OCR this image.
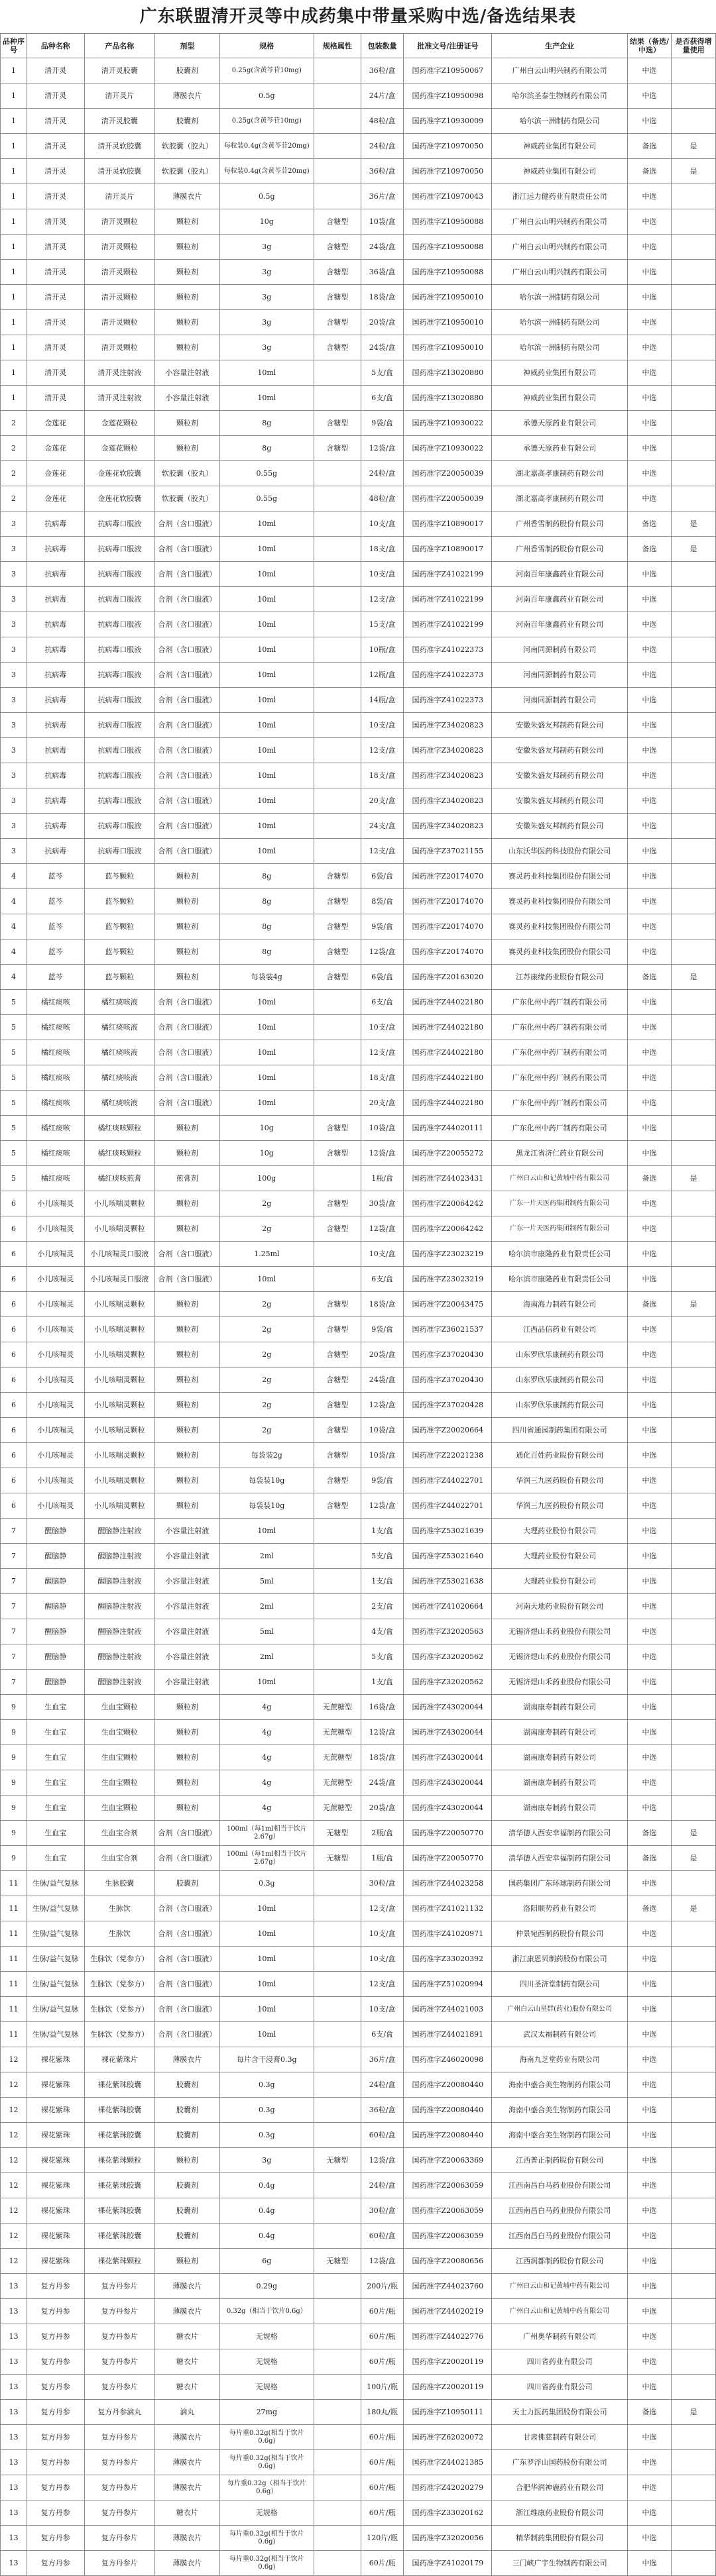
广东联盟清开灵等中成药集中带量采购中选/备选结果表
品种序号	品种名称	产品名称	剂型	规格	规格属性	包装数量	批准文号/注册证号	生产企业	结果（备选/中选）	是否获得增量使用
1	清开灵	清开灵胶囊	胶囊剂	0.25g(含黄芩苷10mg)		36粒/盒	国药准字Z10950067	广州白云山明兴制药有限公司	中选	
1	清开灵	清开灵片	薄膜衣片	0.5g		24片/盒	国药准字Z10950098	哈尔滨圣泰生物制药有限公司	中选	
1	清开灵	清开灵胶囊	胶囊剂	0.25g(含黄芩苷10mg)		48粒/盒	国药准字Z10930009	哈尔滨一洲制药有限公司	中选	
1	清开灵	清开灵软胶囊	软胶囊（胶丸）	每粒装0.4g(含黄芩苷20mg)		24粒/盒	国药准字Z10970050	神威药业集团有限公司	备选	是
1	清开灵	清开灵软胶囊	软胶囊（胶丸）	每粒装0.4g(含黄芩苷20mg)		36粒/盒	国药准字Z10970050	神威药业集团有限公司	备选	是
1	清开灵	清开灵片	薄膜衣片	0.5g		36片/盒	国药准字Z10970043	浙江远力健药业有限责任公司	中选	
1	清开灵	清开灵颗粒	颗粒剂	10g	含糖型	10袋/盒	国药准字Z10950088	广州白云山明兴制药有限公司	中选	
1	清开灵	清开灵颗粒	颗粒剂	3g	含糖型	24袋/盒	国药准字Z10950088	广州白云山明兴制药有限公司	中选	
1	清开灵	清开灵颗粒	颗粒剂	3g	含糖型	36袋/盒	国药准字Z10950088	广州白云山明兴制药有限公司	中选	
1	清开灵	清开灵颗粒	颗粒剂	3g	含糖型	18袋/盒	国药准字Z10950010	哈尔滨一洲制药有限公司	中选	
1	清开灵	清开灵颗粒	颗粒剂	3g	含糖型	20袋/盒	国药准字Z10950010	哈尔滨一洲制药有限公司	中选	
1	清开灵	清开灵颗粒	颗粒剂	3g	含糖型	24袋/盒	国药准字Z10950010	哈尔滨一洲制药有限公司	中选	
1	清开灵	清开灵注射液	小容量注射液	10ml		5支/盒	国药准字Z13020880	神威药业集团有限公司	中选	
1	清开灵	清开灵注射液	小容量注射液	10ml		6支/盒	国药准字Z13020880	神威药业集团有限公司	中选	
2	金莲花	金莲花颗粒	颗粒剂	8g	含糖型	9袋/盒	国药准字Z10930022	承德天原药业有限公司	中选	
2	金莲花	金莲花颗粒	颗粒剂	8g	含糖型	12袋/盒	国药准字Z10930022	承德天原药业有限公司	中选	
2	金莲花	金莲花软胶囊	软胶囊（胶丸）	0.55g		24粒/盒	国药准字Z20050039	湖北嘉高孝康制药有限公司	中选	
2	金莲花	金莲花软胶囊	软胶囊（胶丸）	0.55g		48粒/盒	国药准字Z20050039	湖北嘉高孝康制药有限公司	中选	
3	抗病毒	抗病毒口服液	合剂（含口服液）	10ml		10支/盒	国药准字Z10890017	广州香雪制药股份有限公司	备选	是
3	抗病毒	抗病毒口服液	合剂（含口服液）	10ml		18支/盒	国药准字Z10890017	广州香雪制药股份有限公司	备选	是
3	抗病毒	抗病毒口服液	合剂（含口服液）	10ml		10支/盒	国药准字Z41022199	河南百年康鑫药业有限公司	中选	
3	抗病毒	抗病毒口服液	合剂（含口服液）	10ml		12支/盒	国药准字Z41022199	河南百年康鑫药业有限公司	中选	
3	抗病毒	抗病毒口服液	合剂（含口服液）	10ml		15支/盒	国药准字Z41022199	河南百年康鑫药业有限公司	中选	
3	抗病毒	抗病毒口服液	合剂（含口服液）	10ml		10瓶/盒	国药准字Z41022373	河南同源制药有限公司	中选	
3	抗病毒	抗病毒口服液	合剂（含口服液）	10ml		12瓶/盒	国药准字Z41022373	河南同源制药有限公司	中选	
3	抗病毒	抗病毒口服液	合剂（含口服液）	10ml		14瓶/盒	国药准字Z41022373	河南同源制药有限公司	中选	
3	抗病毒	抗病毒口服液	合剂（含口服液）	10ml		10支/盒	国药准字Z34020823	安徽朱盛友邦制药有限公司	中选	
3	抗病毒	抗病毒口服液	合剂（含口服液）	10ml		12支/盒	国药准字Z34020823	安徽朱盛友邦制药有限公司	中选	
3	抗病毒	抗病毒口服液	合剂（含口服液）	10ml		18支/盒	国药准字Z34020823	安徽朱盛友邦制药有限公司	中选	
3	抗病毒	抗病毒口服液	合剂（含口服液）	10ml		20支/盒	国药准字Z34020823	安徽朱盛友邦制药有限公司	中选	
3	抗病毒	抗病毒口服液	合剂（含口服液）	10ml		24支/盒	国药准字Z34020823	安徽朱盛友邦制药有限公司	中选	
3	抗病毒	抗病毒口服液	合剂（含口服液）	10ml		12支/盒	国药准字Z37021155	山东沃华医药科技股份有限公司	中选	
4	蓝芩	蓝芩颗粒	颗粒剂	8g	含糖型	6袋/盒	国药准字Z20174070	赛灵药业科技集团股份有限公司	中选	
4	蓝芩	蓝芩颗粒	颗粒剂	8g	含糖型	8袋/盒	国药准字Z20174070	赛灵药业科技集团股份有限公司	中选	
4	蓝芩	蓝芩颗粒	颗粒剂	8g	含糖型	9袋/盒	国药准字Z20174070	赛灵药业科技集团股份有限公司	中选	
4	蓝芩	蓝芩颗粒	颗粒剂	8g	含糖型	12袋/盒	国药准字Z20174070	赛灵药业科技集团股份有限公司	中选	
4	蓝芩	蓝芩颗粒	颗粒剂	每袋装4g	含糖型	6袋/盒	国药准字Z20163020	江苏康缘药业股份有限公司	备选	是
5	橘红痰咳	橘红痰咳液	合剂（含口服液）	10ml		6支/盒	国药准字Z44022180	广东化州中药厂制药有限公司	中选	
5	橘红痰咳	橘红痰咳液	合剂（含口服液）	10ml		10支/盒	国药准字Z44022180	广东化州中药厂制药有限公司	中选	
5	橘红痰咳	橘红痰咳液	合剂（含口服液）	10ml		12支/盒	国药准字Z44022180	广东化州中药厂制药有限公司	中选	
5	橘红痰咳	橘红痰咳液	合剂（含口服液）	10ml		18支/盒	国药准字Z44022180	广东化州中药厂制药有限公司	中选	
5	橘红痰咳	橘红痰咳液	合剂（含口服液）	10ml		20支/盒	国药准字Z44022180	广东化州中药厂制药有限公司	中选	
5	橘红痰咳	橘红痰咳颗粒	颗粒剂	10g	含糖型	10袋/盒	国药准字Z44020111	广东化州中药厂制药有限公司	中选	
5	橘红痰咳	橘红痰咳颗粒	颗粒剂	10g	含糖型	12袋/盒	国药准字Z20055272	黑龙江省济仁药业有限公司	中选	
5	橘红痰咳	橘红痰咳煎膏	煎膏剂	100g		1瓶/盒	国药准字Z44023431	广州白云山和记黄埔中药有限公司	备选	是
6	小儿咳喘灵	小儿咳喘灵颗粒	颗粒剂	2g	含糖型	30袋/盒	国药准字Z20064242	广东一片天医药集团制药有限公司	中选	
6	小儿咳喘灵	小儿咳喘灵颗粒	颗粒剂	2g	含糖型	12袋/盒	国药准字Z20064242	广东一片天医药集团制药有限公司	中选	
6	小儿咳喘灵	小儿咳喘灵口服液	合剂（含口服液）	1.25ml		10支/盒	国药准字Z23023219	哈尔滨市康隆药业有限责任公司	中选	
6	小儿咳喘灵	小儿咳喘灵口服液	合剂（含口服液）	10ml		6支/盒	国药准字Z23023219	哈尔滨市康隆药业有限责任公司	中选	
6	小儿咳喘灵	小儿咳喘灵颗粒	颗粒剂	2g	含糖型	18袋/盒	国药准字Z20043475	海南海力制药有限公司	备选	是
6	小儿咳喘灵	小儿咳喘灵颗粒	颗粒剂	2g	含糖型	9袋/盒	国药准字Z36021537	江西品信药业有限公司	中选	
6	小儿咳喘灵	小儿咳喘灵颗粒	颗粒剂	2g	含糖型	20袋/盒	国药准字Z37020430	山东罗欣乐康制药有限公司	中选	
6	小儿咳喘灵	小儿咳喘灵颗粒	颗粒剂	2g	含糖型	24袋/盒	国药准字Z37020430	山东罗欣乐康制药有限公司	中选	
6	小儿咳喘灵	小儿咳喘灵颗粒	颗粒剂	2g	含糖型	12袋/盒	国药准字Z37020428	山东罗欣乐康制药有限公司	中选	
6	小儿咳喘灵	小儿咳喘灵颗粒	颗粒剂	2g	含糖型	10袋/盒	国药准字Z20020664	四川省通园制药集团有限公司	中选	
6	小儿咳喘灵	小儿咳喘灵颗粒	颗粒剂	每袋装2g	含糖型	10袋/盒	国药准字Z22021238	通化百姓药业股份有限公司	中选	
6	小儿咳喘灵	小儿咳喘灵颗粒	颗粒剂	每袋装10g	含糖型	9袋/盒	国药准字Z44022701	华润三九医药股份有限公司	中选	
6	小儿咳喘灵	小儿咳喘灵颗粒	颗粒剂	每袋装10g	含糖型	12袋/盒	国药准字Z44022701	华润三九医药股份有限公司	中选	
7	醒脑静	醒脑静注射液	小容量注射液	10ml		1支/盒	国药准字Z53021639	大理药业股份有限公司	中选	
7	醒脑静	醒脑静注射液	小容量注射液	2ml		5支/盒	国药准字Z53021640	大理药业股份有限公司	中选	
7	醒脑静	醒脑静注射液	小容量注射液	5ml		1支/盒	国药准字Z53021638	大理药业股份有限公司	中选	
7	醒脑静	醒脑静注射液	小容量注射液	2ml		2支/盒	国药准字Z41020664	河南天地药业股份有限公司	中选	
7	醒脑静	醒脑静注射液	小容量注射液	5ml		4支/盒	国药准字Z32020563	无锡济煜山禾药业股份有限公司	中选	
7	醒脑静	醒脑静注射液	小容量注射液	2ml		5支/盒	国药准字Z32020562	无锡济煜山禾药业股份有限公司	中选	
7	醒脑静	醒脑静注射液	小容量注射液	10ml		1支/盒	国药准字Z32020562	无锡济煜山禾药业股份有限公司	中选	
9	生血宝	生血宝颗粒	颗粒剂	4g	无蔗糖型	16袋/盒	国药准字Z43020044	湖南康寿制药有限公司	中选	
9	生血宝	生血宝颗粒	颗粒剂	4g	无蔗糖型	12袋/盒	国药准字Z43020044	湖南康寿制药有限公司	中选	
9	生血宝	生血宝颗粒	颗粒剂	4g	无蔗糖型	18袋/盒	国药准字Z43020044	湖南康寿制药有限公司	中选	
9	生血宝	生血宝颗粒	颗粒剂	4g	无蔗糖型	24袋/盒	国药准字Z43020044	湖南康寿制药有限公司	中选	
9	生血宝	生血宝颗粒	颗粒剂	4g	无蔗糖型	20袋/盒	国药准字Z43020044	湖南康寿制药有限公司	中选	
9	生血宝	生血宝合剂	合剂（含口服液）	100ml（每1ml相当于饮片2.67g）	无糖型	2瓶/盒	国药准字Z20050770	清华德人西安幸福制药有限公司	备选	是
9	生血宝	生血宝合剂	合剂（含口服液）	100ml（每1ml相当于饮片2.67g）	无糖型	1瓶/盒	国药准字Z20050770	清华德人西安幸福制药有限公司	备选	是
11	生脉/益气复脉	生脉胶囊	胶囊剂	0.3g		30粒/盒	国药准字Z44023258	国药集团广东环球制药有限公司	中选	
11	生脉/益气复脉	生脉饮	合剂（含口服液）	10ml		12支/盒	国药准字Z41021132	洛阳顺势药业有限公司	备选	是
11	生脉/益气复脉	生脉饮	合剂（含口服液）	10ml		10支/盒	国药准字Z41020971	仲景宛西制药股份有限公司	中选	
11	生脉/益气复脉	生脉饮（党参方）	合剂（含口服液）	10ml		10支/盒	国药准字Z33020392	浙江康恩贝制药股份有限公司	中选	
11	生脉/益气复脉	生脉饮（党参方）	合剂（含口服液）	10ml		12支/盒	国药准字Z51020994	四川圣济堂制药有限公司	中选	
11	生脉/益气复脉	生脉饮（党参方）	合剂（含口服液）	10ml		10支/盒	国药准字Z44021003	广州白云山星群(药业)股份有限公司	中选	
11	生脉/益气复脉	生脉饮（党参方）	合剂（含口服液）	10ml		6支/盒	国药准字Z44021891	武汉太福制药有限公司	中选	
12	裸花紫珠	裸花紫珠片	薄膜衣片	每片含干浸膏0.3g		36片/盒	国药准字Z46020098	海南九芝堂药业有限公司	中选	
12	裸花紫珠	裸花紫珠胶囊	胶囊剂	0.3g		24粒/盒	国药准字Z20080440	海南中盛合美生物制药有限公司	中选	
12	裸花紫珠	裸花紫珠胶囊	胶囊剂	0.3g		36粒/盒	国药准字Z20080440	海南中盛合美生物制药有限公司	中选	
12	裸花紫珠	裸花紫珠胶囊	胶囊剂	0.3g		60粒/盒	国药准字Z20080440	海南中盛合美生物制药有限公司	中选	
12	裸花紫珠	裸花紫珠颗粒	颗粒剂	3g	无糖型	12袋/盒	国药准字Z20063369	江西普正制药股份有限公司	中选	
12	裸花紫珠	裸花紫珠胶囊	胶囊剂	0.4g		24粒/盒	国药准字Z20063059	江西南昌白马药业股份有限公司	中选	
12	裸花紫珠	裸花紫珠胶囊	胶囊剂	0.4g		30粒/盒	国药准字Z20063059	江西南昌白马药业股份有限公司	中选	
12	裸花紫珠	裸花紫珠胶囊	胶囊剂	0.4g		60粒/盒	国药准字Z20063059	江西南昌白马药业股份有限公司	中选	
12	裸花紫珠	裸花紫珠颗粒	颗粒剂	6g	无糖型	12袋/盒	国药准字Z20080656	江西润都制药股份有限公司	中选	
13	复方丹参	复方丹参片	薄膜衣片	0.29g		200片/瓶	国药准字Z44023760	广州白云山和记黄埔中药有限公司	中选	
13	复方丹参	复方丹参片	薄膜衣片	0.32g（相当于饮片0.6g）		60片/瓶	国药准字Z44020219	广州白云山和记黄埔中药有限公司	中选	
13	复方丹参	复方丹参片	糖衣片	无规格		60片/瓶	国药准字Z44022776	广州奥华制药有限公司	中选	
13	复方丹参	复方丹参片	糖衣片	无规格		60片/瓶	国药准字Z20020119	四川省药业有限公司	中选	
13	复方丹参	复方丹参片	糖衣片	无规格		100片/瓶	国药准字Z20020119	四川省药业有限公司	中选	
13	复方丹参	复方丹参滴丸	滴丸	27mg		180丸/瓶	国药准字Z10950111	天士力医药集团股份有限公司	备选	是
13	复方丹参	复方丹参片	薄膜衣片	每片重0.32g(相当于饮片0.6g)		60片/瓶	国药准字Z62020072	甘肃佛慈制药有限公司	中选	
13	复方丹参	复方丹参片	薄膜衣片	每片重0.32g(相当于饮片0.6g)		60片/瓶	国药准字Z44021385	广东罗浮山国药股份有限公司	中选	
13	复方丹参	复方丹参片	薄膜衣片	每片重0.32g（相当于饮片0.6g）		60片/瓶	国药准字Z42020279	合肥华润神鹿药业有限公司	中选	
13	复方丹参	复方丹参片	糖衣片	无规格		60片/瓶	国药准字Z33020162	浙江维康药业股份有限公司	中选	
13	复方丹参	复方丹参片	薄膜衣片	每片重0.32g(相当于饮片0.6g)		120片/瓶	国药准字Z32020056	精华制药集团股份有限公司	中选	
13	复方丹参	复方丹参片	薄膜衣片	每片重0.32g(相当于饮片0.6g)		60片/瓶	国药准字Z41020179	三门峡广宇生物制药有限公司	中选	
